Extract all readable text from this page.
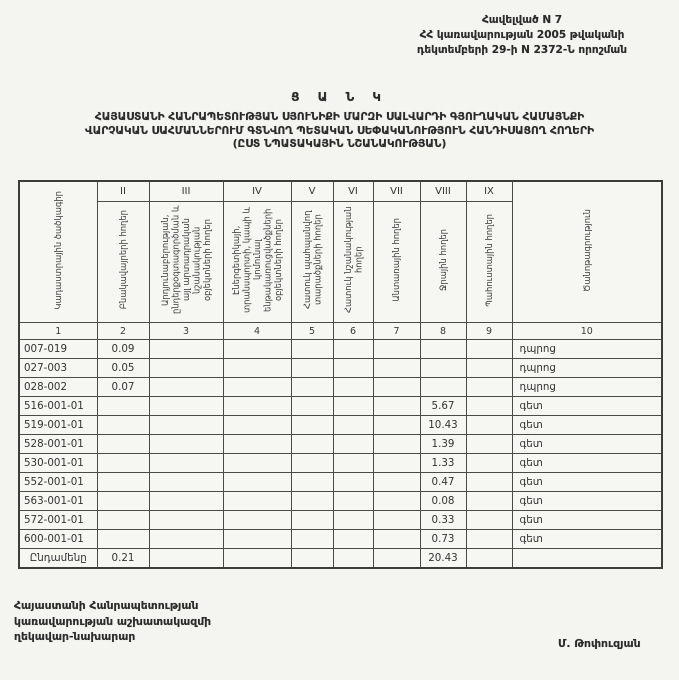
Հավելված N 7
ՀՀ կառավարության 2005 թվականի
դեկտեմբերի 29-ի N 2372-Ն որոշման
Ց Ա Ն Կ
ՀԱՅԱՍՏԱՆԻ ՀԱՆՐԱՊԵՏՈՒԹՅԱՆ ՍՅՈՒՆԻՔԻ ՄԱՐԶԻ ՍԱԼՎԱՐԴԻ ԳՅՈՒՂԱԿԱՆ ՀԱՄԱՅՆՔԻ
ՎԱՐՉԱԿԱՆ ՍԱՀՄԱՆՆԵՐՈՒՄ ԳՏՆՎՈՂ ՊԵՏԱԿԱՆ ՍԵՓԱԿԱՆՈՒԹՅՈՒՆ ՀԱՆԴԻՍԱՑՈՂ ՀՈՂԵՐԻ
(ԸՍՏ ՆՊԱՏԱԿԱՅԻՆ ՆՇԱՆԱԿՈՒԹՅԱՆ)
Կադաստրային ծածկագիր	II	III	IV	V	VI	VII	VIII	IX	Ծանոթագրություն
	Բնակավայրերի հողեր	Արդյունաբերության, ընդերքօգտագործման և այլ արտադրական նշանակության օբյեկտների հողեր	Էներգետիկայի, տրանսպորտի, կապի և կոմունալ ենթակառուցվածքների օբյեկտների հողեր	Հատուկ պահպանվող տարածքների հողեր	Հատուկ նշանակության հողեր	Անտառային հողեր	Ջրային հողեր	Պահուստային հողեր	
1	2	3	4	5	6	7	8	9	10
007-019	0.09								դպրոց
027-003	0.05								դպրոց
028-002	0.07								դպրոց
516-001-01							5.67		գետ
519-001-01							10.43		գետ
528-001-01							1.39		գետ
530-001-01							1.33		գետ
552-001-01							0.47		գետ
563-001-01							0.08		գետ
572-001-01							0.33		գետ
600-001-01							0.73		գետ
Ընդամենը	0.21						20.43		
Հայաստանի Հանրապետության
կառավարության աշխատակազմի
ղեկավար-նախարար
Մ. Թոփուզյան
